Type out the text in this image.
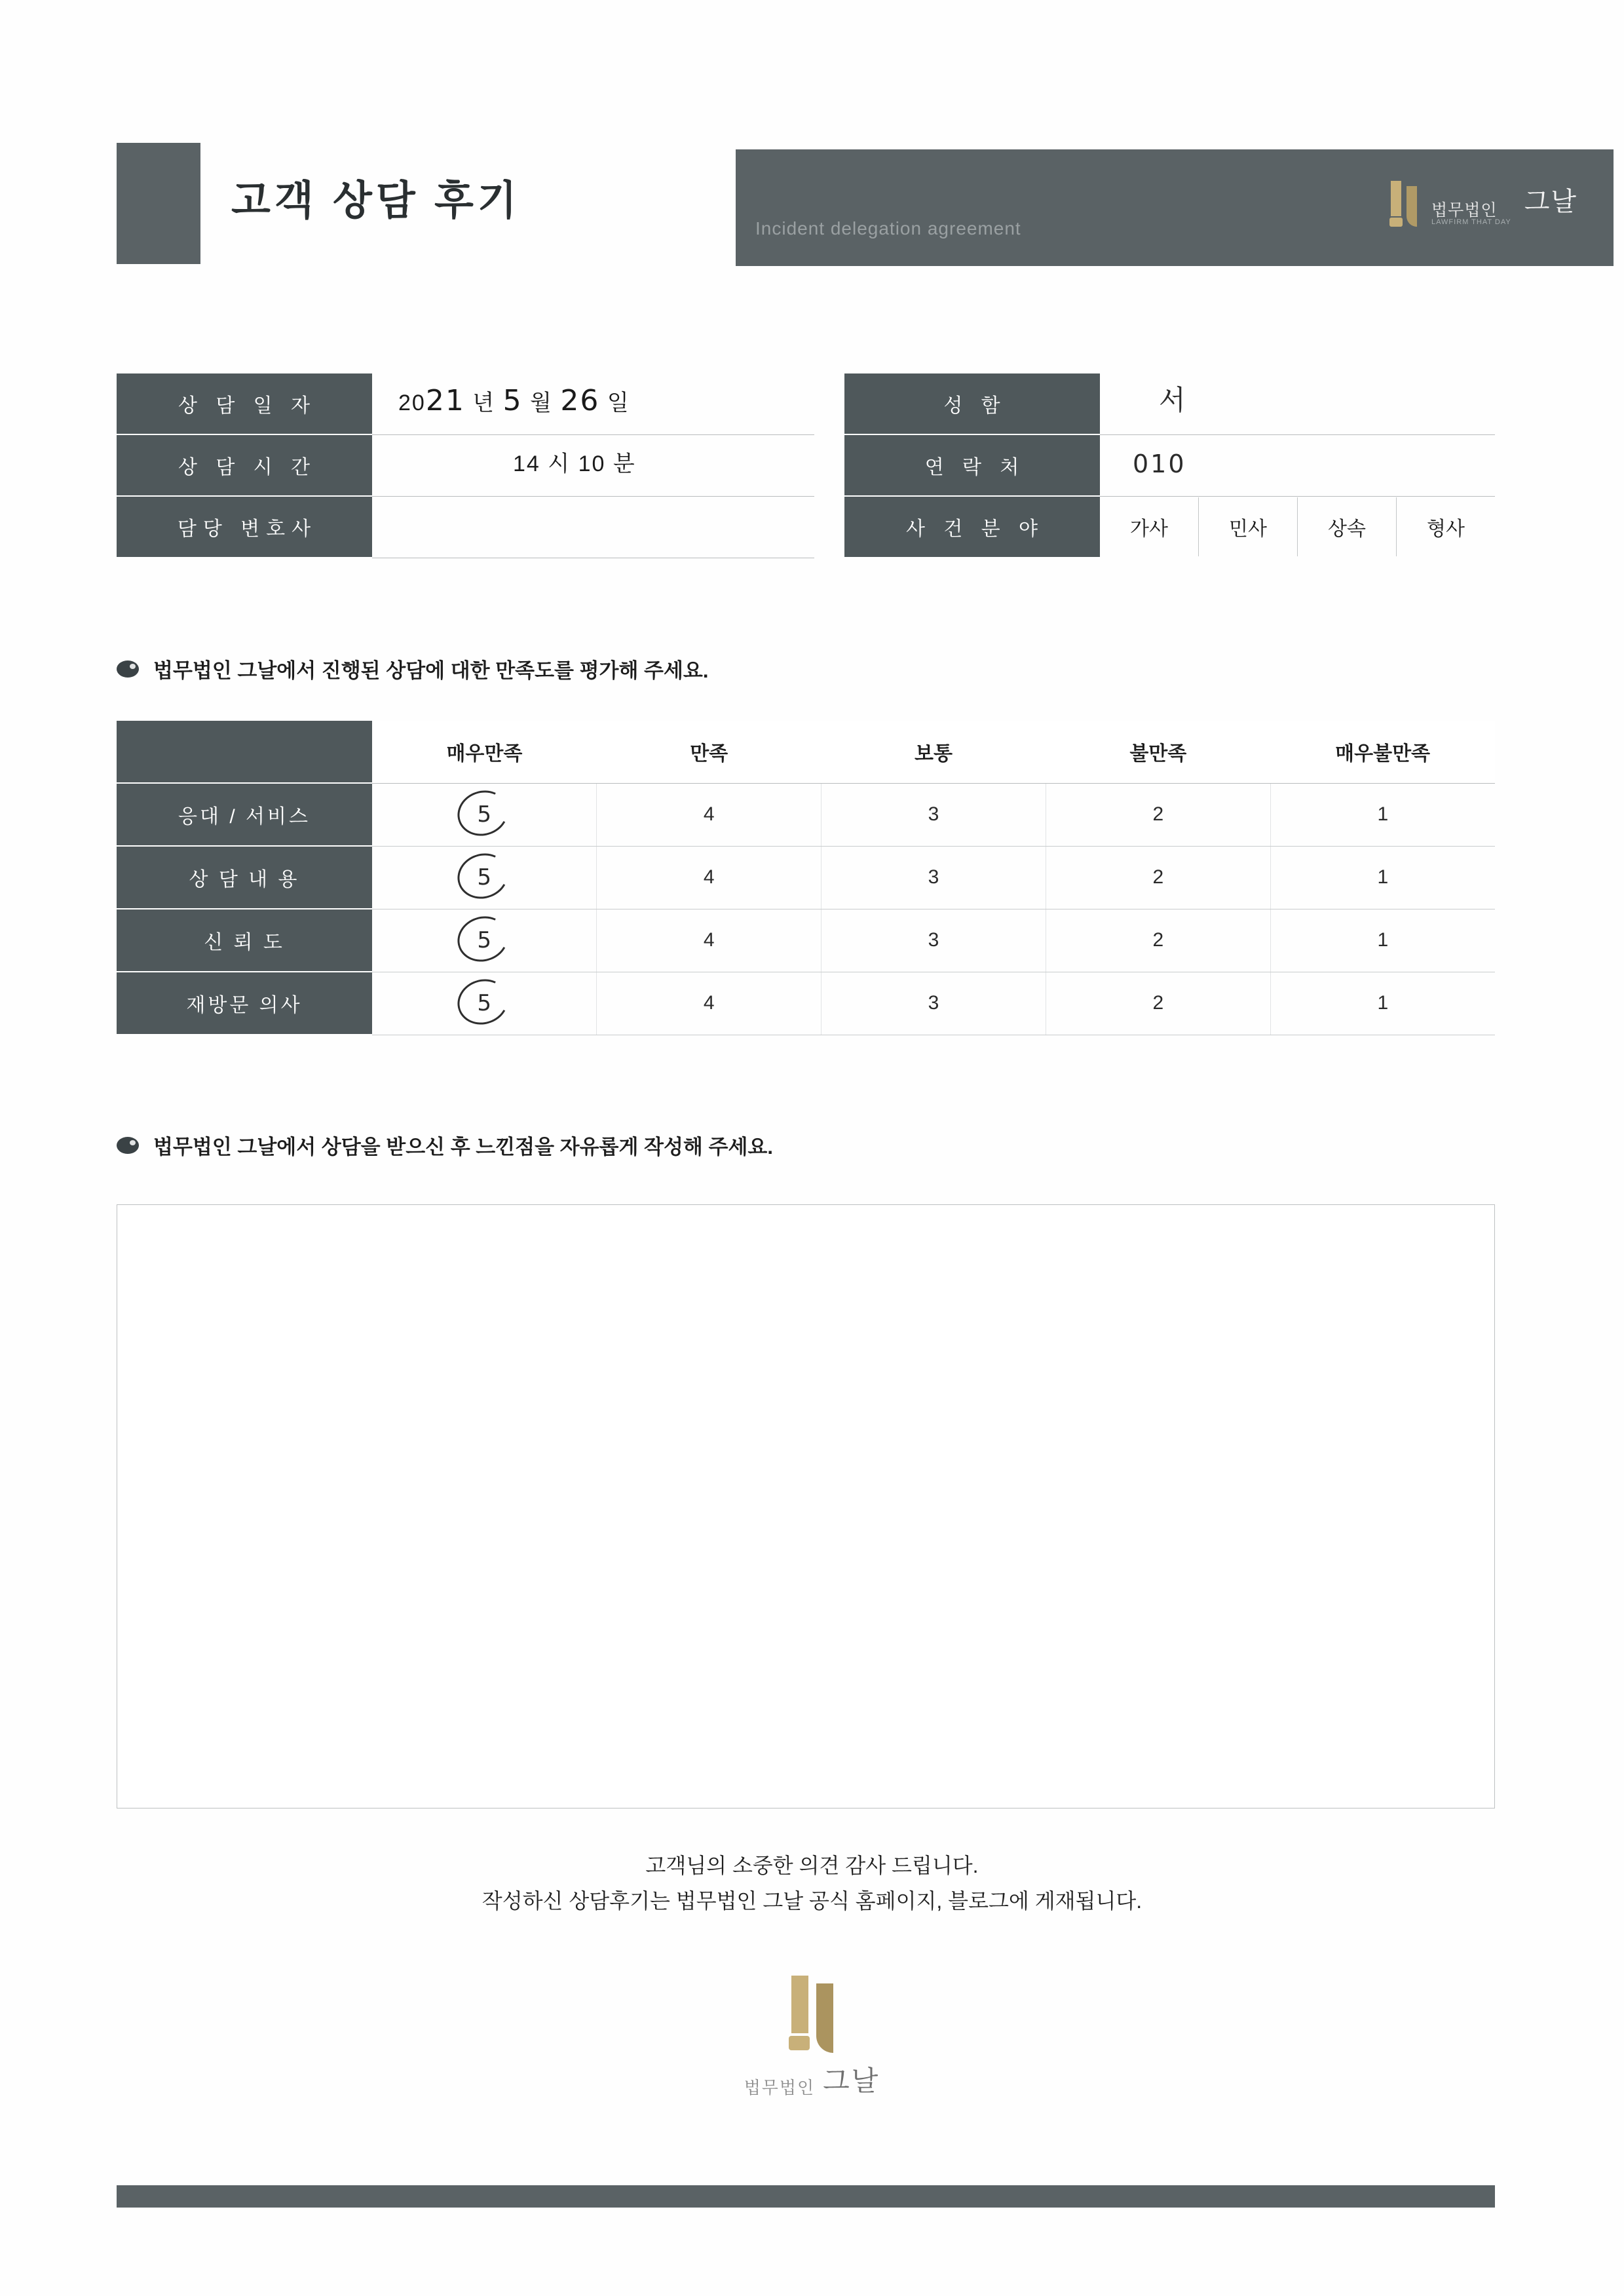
고객 상담 후기
Incident delegation agreement
법무법인
LAWFIRM THAT DAY
그날
상 담 일 자	2021 년 5 월 26 일		성 함	서

상 담 시 간	14 시 10 분		연 락 처	010

담당 변호사			사 건 분 야	가사 민사 상속 형사
법무법인 그날에서 진행된 상담에 대한 만족도를 평가해 주세요.
	매우만족	만족	보통	불만족	매우불만족
응대 / 서비스	5	4	3	2	1
상 담 내 용	5	4	3	2	1
신 뢰 도	5	4	3	2	1
재방문 의사	5	4	3	2	1
법무법인 그날에서 상담을 받으신 후 느낀점을 자유롭게 작성해 주세요.
고객님의 소중한 의견 감사 드립니다.
작성하신 상담후기는 법무법인 그날 공식 홈페이지, 블로그에 게재됩니다.
법무법인 그날
